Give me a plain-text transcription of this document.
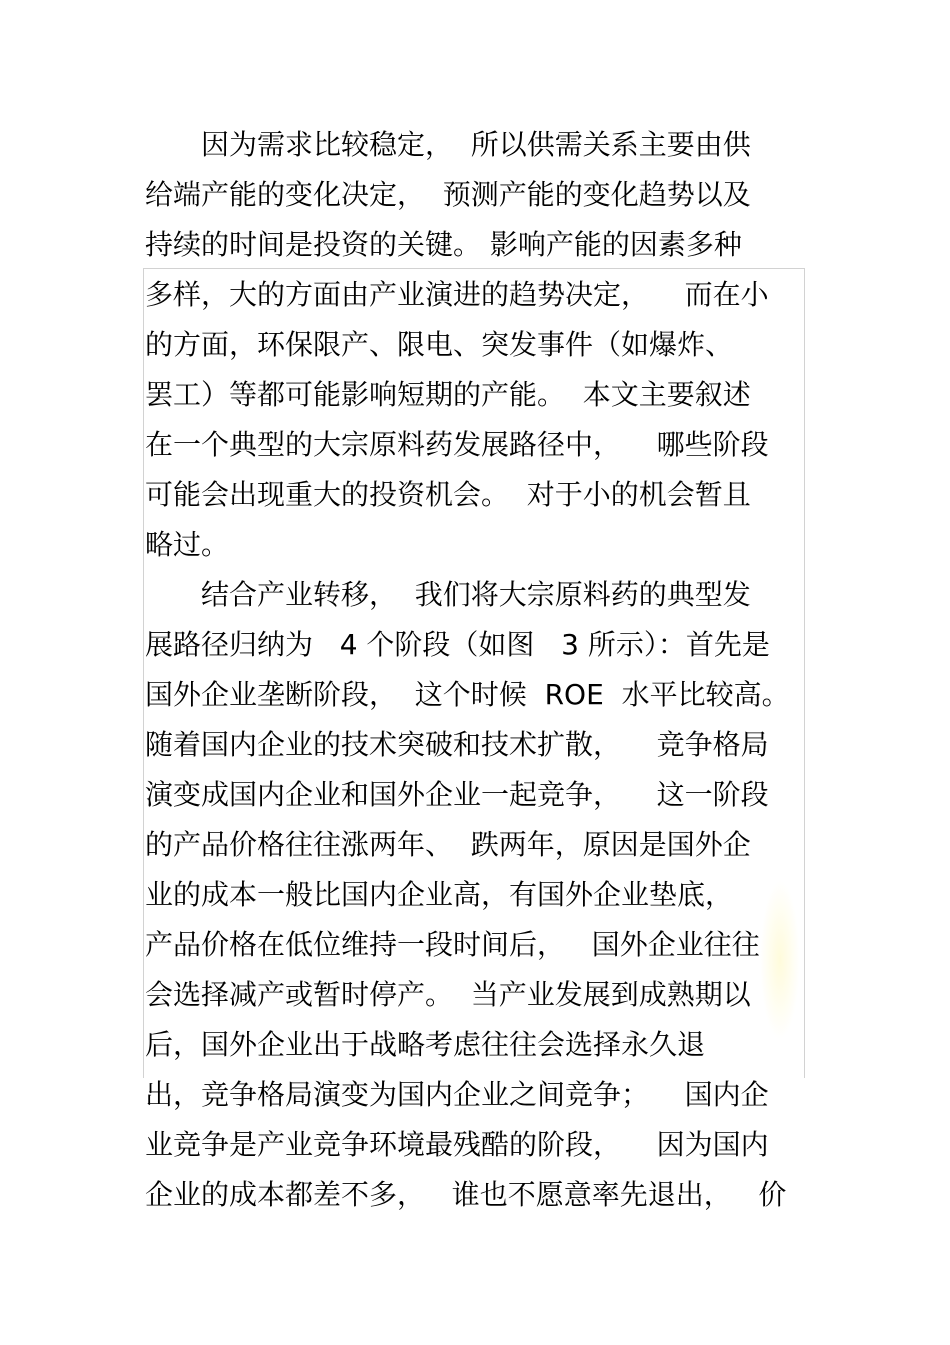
　　因为需求比较稳定，  所以供需关系主要由供
给端产能的变化决定，  预测产能的变化趋势以及
持续的时间是投资的关键。 影响产能的因素多种
多样，大的方面由产业演进的趋势决定，    而在小
的方面，环保限产、限电、突发事件（如爆炸、
罢工）等都可能影响短期的产能。  本文主要叙述
在一个典型的大宗原料药发展路径中，    哪些阶段
可能会出现重大的投资机会。  对于小的机会暂且
略过。
　　结合产业转移，  我们将大宗原料药的典型发
展路径归纳为   4 个阶段（如图   3 所示）：首先是
国外企业垄断阶段，  这个时候  ROE  水平比较高。
随着国内企业的技术突破和技术扩散，    竞争格局
演变成国内企业和国外企业一起竞争，    这一阶段
的产品价格往往涨两年、  跌两年，原因是国外企
业的成本一般比国内企业高，有国外企业垫底，
产品价格在低位维持一段时间后，   国外企业往往
会选择减产或暂时停产。  当产业发展到成熟期以
后，国外企业出于战略考虑往往会选择永久退
出，竞争格局演变为国内企业之间竞争；    国内企
业竞争是产业竞争环境最残酷的阶段，    因为国内
企业的成本都差不多，   谁也不愿意率先退出，   价
